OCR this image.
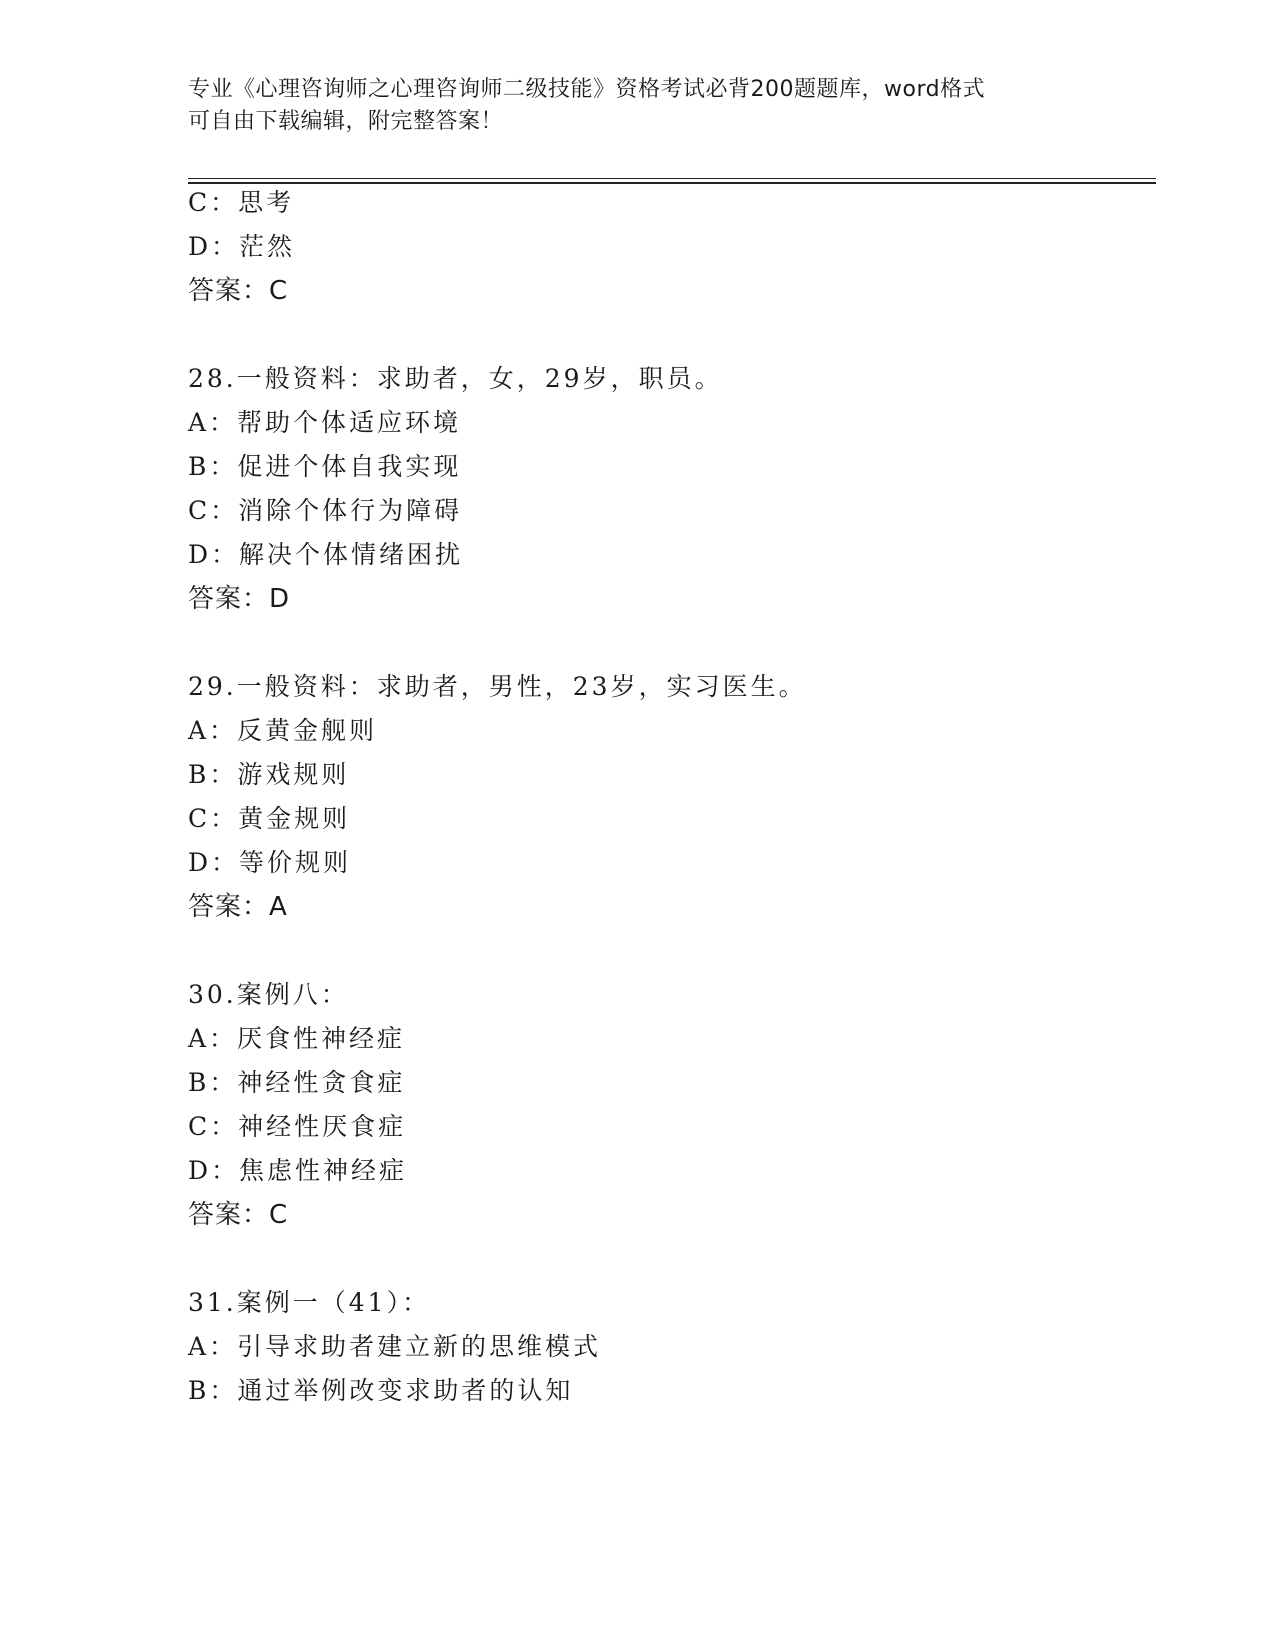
专业《心理咨询师之心理咨询师二级技能》资格考试必背200题题库，word格式
可自由下载编辑，附完整答案！
C：思考
D：茫然
答案：C
28.一般资料：求助者，女，29岁，职员。
A：帮助个体适应环境
B：促进个体自我实现
C：消除个体行为障碍
D：解决个体情绪困扰
答案：D
29.一般资料：求助者，男性，23岁，实习医生。
A：反黄金舰则
B：游戏规则
C：黄金规则
D：等价规则
答案：A
30.案例八：
A：厌食性神经症
B：神经性贪食症
C：神经性厌食症
D：焦虑性神经症
答案：C
31.案例一（41）：
A：引导求助者建立新的思维模式
B：通过举例改变求助者的认知
